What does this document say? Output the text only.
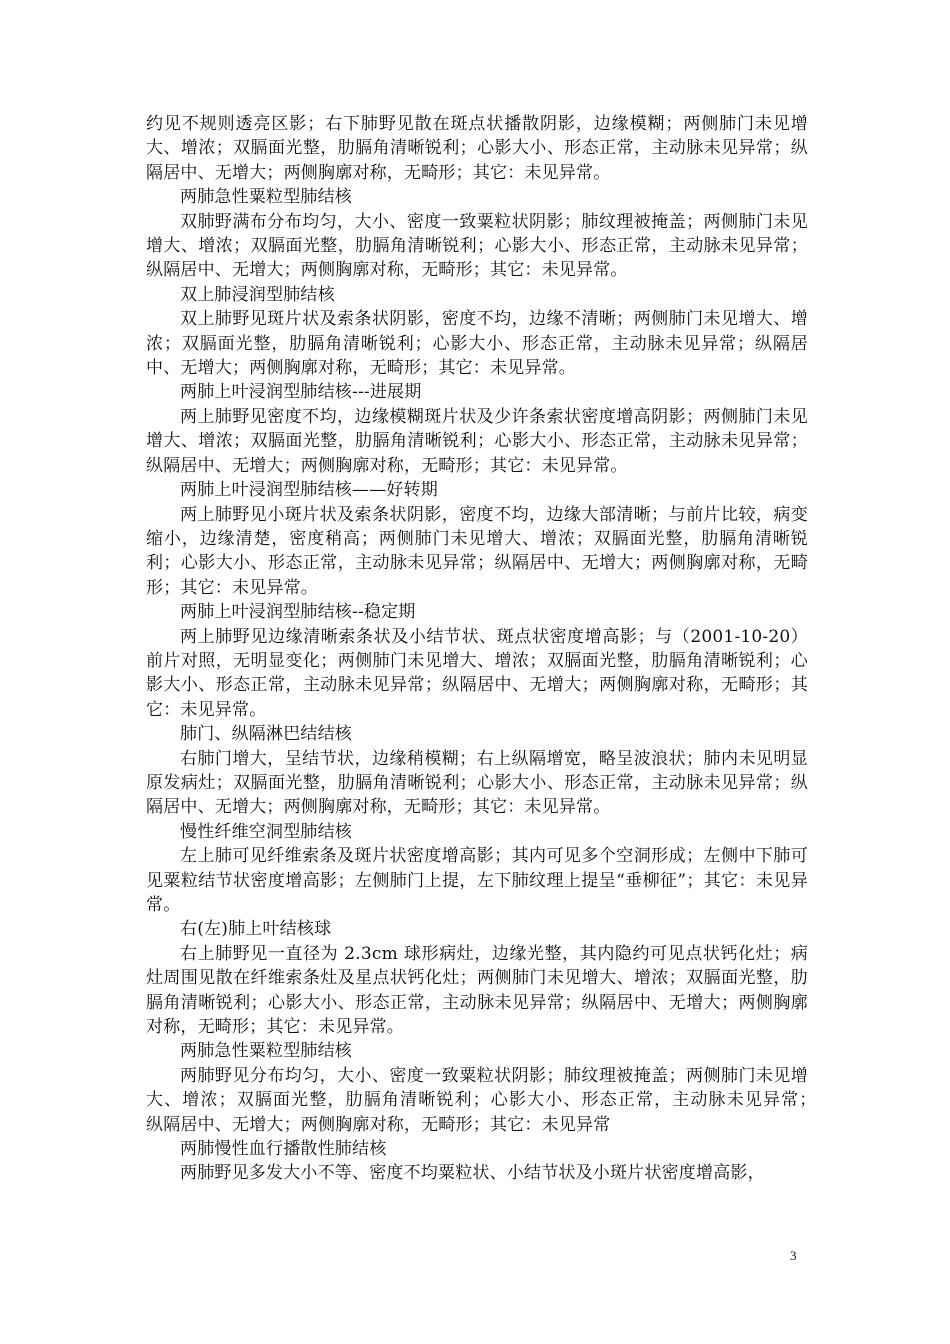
约见不规则透亮区影；右下肺野见散在斑点状播散阴影，边缘模糊；两侧肺门未见增大、增浓；双膈面光整，肋膈角清晰锐利；心影大小、形态正常，主动脉未见异常；纵隔居中、无增大；两侧胸廓对称，无畸形；其它：未见异常。

两肺急性粟粒型肺结核

双肺野满布分布均匀，大小、密度一致粟粒状阴影；肺纹理被掩盖；两侧肺门未见增大、增浓；双膈面光整，肋膈角清晰锐利；心影大小、形态正常，主动脉未见异常；纵隔居中、无增大；两侧胸廓对称，无畸形；其它：未见异常。

双上肺浸润型肺结核

双上肺野见斑片状及索条状阴影，密度不均，边缘不清晰；两侧肺门未见增大、增浓；双膈面光整，肋膈角清晰锐利；心影大小、形态正常，主动脉未见异常；纵隔居中、无增大；两侧胸廓对称，无畸形；其它：未见异常。

两肺上叶浸润型肺结核---进展期

两上肺野见密度不均，边缘模糊斑片状及少许条索状密度增高阴影；两侧肺门未见增大、增浓；双膈面光整，肋膈角清晰锐利；心影大小、形态正常，主动脉未见异常；纵隔居中、无增大；两侧胸廓对称，无畸形；其它：未见异常。

两肺上叶浸润型肺结核——好转期

两上肺野见小斑片状及索条状阴影，密度不均，边缘大部清晰；与前片比较，病变缩小，边缘清楚，密度稍高；两侧肺门未见增大、增浓；双膈面光整，肋膈角清晰锐利；心影大小、形态正常，主动脉未见异常；纵隔居中、无增大；两侧胸廓对称，无畸形；其它：未见异常。

两肺上叶浸润型肺结核--稳定期

两上肺野见边缘清晰索条状及小结节状、斑点状密度增高影；与（2001-10-20）前片对照，无明显变化；两侧肺门未见增大、增浓；双膈面光整，肋膈角清晰锐利；心影大小、形态正常，主动脉未见异常；纵隔居中、无增大；两侧胸廓对称，无畸形；其它：未见异常。

肺门、纵隔淋巴结结核

右肺门增大，呈结节状，边缘稍模糊；右上纵隔增宽，略呈波浪状；肺内未见明显原发病灶；双膈面光整，肋膈角清晰锐利；心影大小、形态正常，主动脉未见异常；纵隔居中、无增大；两侧胸廓对称，无畸形；其它：未见异常。

慢性纤维空洞型肺结核

左上肺可见纤维索条及斑片状密度增高影；其内可见多个空洞形成；左侧中下肺可见粟粒结节状密度增高影；左侧肺门上提，左下肺纹理上提呈“垂柳征”；其它：未见异常。

右(左)肺上叶结核球

右上肺野见一直径为 2.3cm 球形病灶，边缘光整，其内隐约可见点状钙化灶；病灶周围见散在纤维索条灶及星点状钙化灶；两侧肺门未见增大、增浓；双膈面光整，肋膈角清晰锐利；心影大小、形态正常，主动脉未见异常；纵隔居中、无增大；两侧胸廓对称，无畸形；其它：未见异常。

两肺急性粟粒型肺结核

两肺野见分布均匀，大小、密度一致粟粒状阴影；肺纹理被掩盖；两侧肺门未见增大、增浓；双膈面光整，肋膈角清晰锐利；心影大小、形态正常，主动脉未见异常；　纵隔居中、无增大；两侧胸廓对称，无畸形；其它：未见异常

两肺慢性血行播散性肺结核

两肺野见多发大小不等、密度不均粟粒状、小结节状及小斑片状密度增高影，

3
